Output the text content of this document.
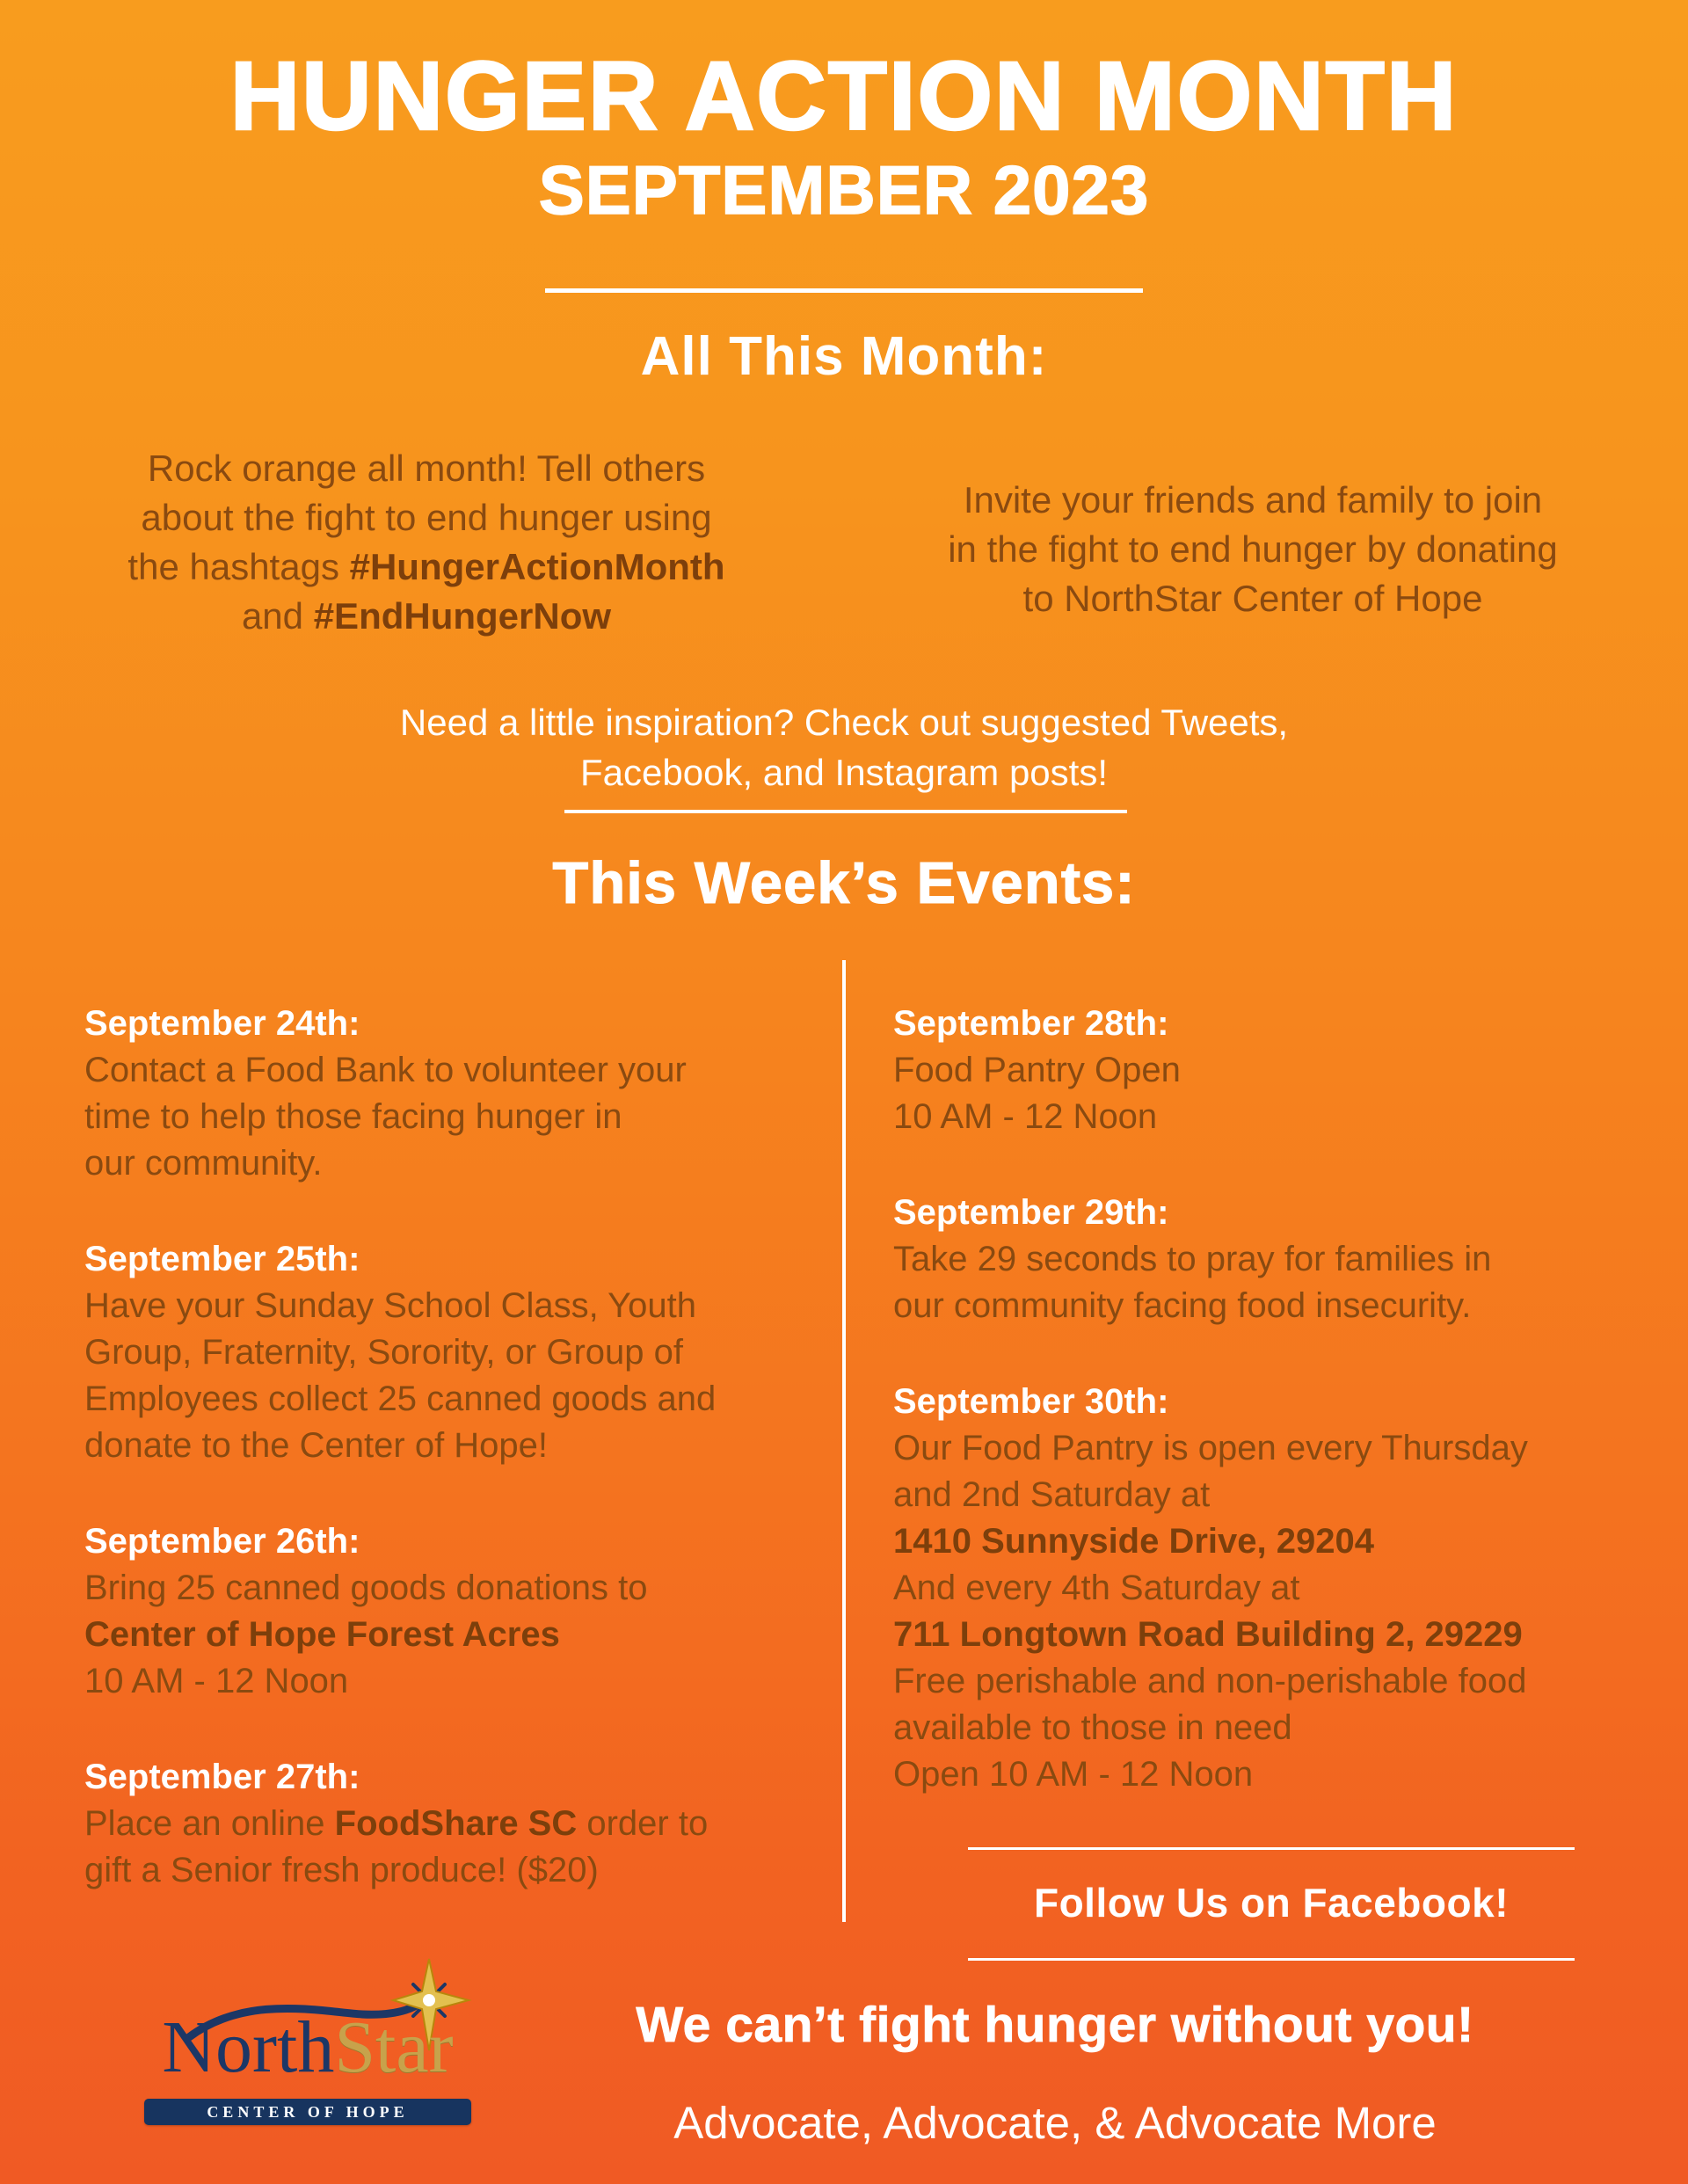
HUNGER ACTION MONTH
SEPTEMBER 2023
All This Month:
Rock orange all month! Tell others
about the fight to end hunger using
the hashtags #HungerActionMonth
and #EndHungerNow
Invite your friends and family to join
in the fight to end hunger by donating
to NorthStar Center of Hope
Need a little inspiration? Check out suggested Tweets,
Facebook, and Instagram posts!
This Week’s Events:
September 24th:
Contact a Food Bank to volunteer your
time to help those facing hunger in
our community.
September 25th:
Have your Sunday School Class, Youth
Group, Fraternity, Sorority, or Group of
Employees collect 25 canned goods and
donate to the Center of Hope!
September 26th:
Bring 25 canned goods donations to
Center of Hope Forest Acres
10 AM - 12 Noon
September 27th:
Place an online FoodShare SC order to
gift a Senior fresh produce! ($20)
September 28th:
Food Pantry Open
10 AM - 12 Noon
September 29th:
Take 29 seconds to pray for families in
our community facing food insecurity.
September 30th:
Our Food Pantry is open every Thursday
and 2nd Saturday at
1410 Sunnyside Drive, 29204
And every 4th Saturday at
711 Longtown Road Building 2, 29229
Free perishable and non-perishable food
available to those in need
Open 10 AM - 12 Noon
Follow Us on Facebook!
NorthStar
CENTER OF HOPE
We can’t fight hunger without you!
Advocate, Advocate, & Advocate More
